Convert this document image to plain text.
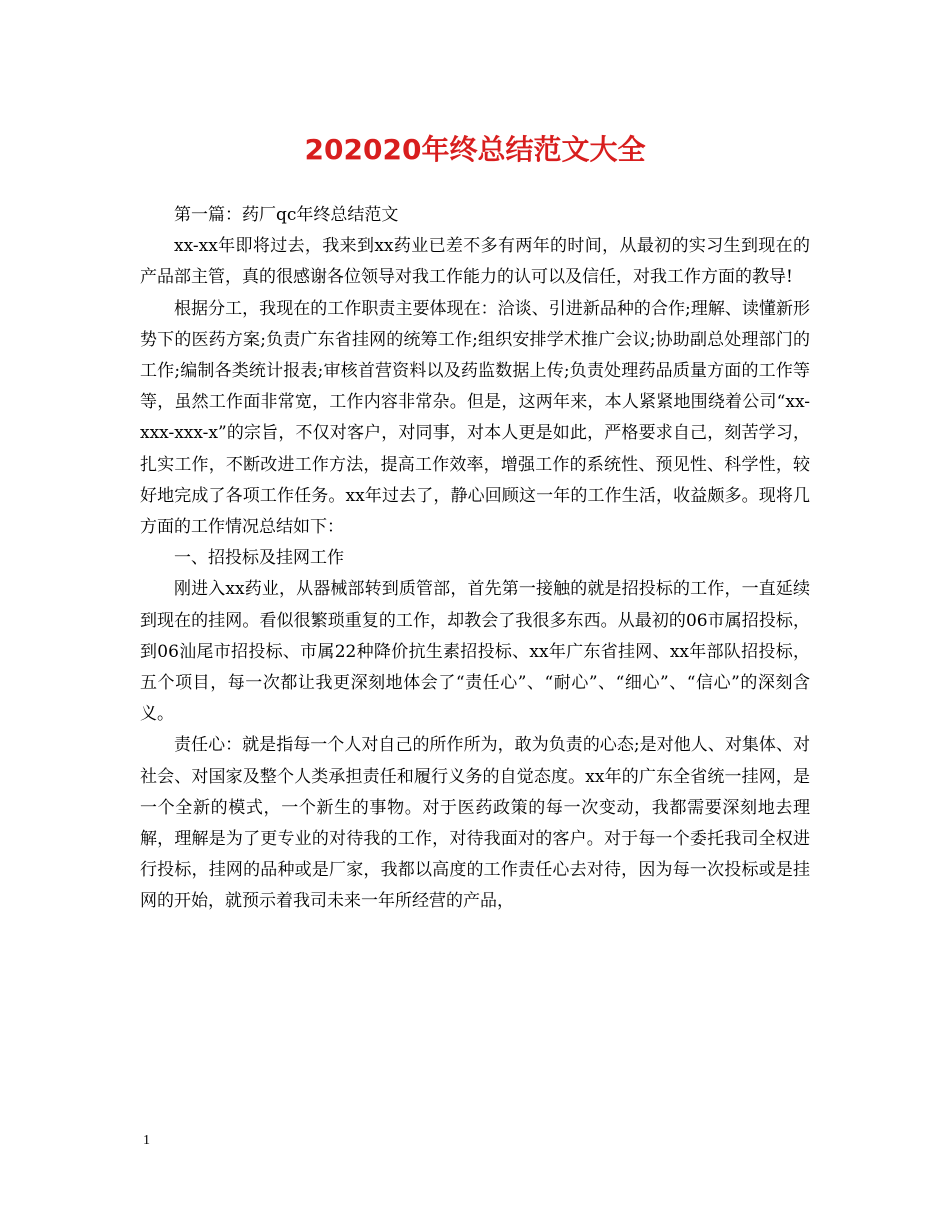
202020年终总结范文大全

第一篇：药厂qc年终总结范文

xx-xx年即将过去，我来到xx药业已差不多有两年的时间，从最初的实习生到现在的产品部主管，真的很感谢各位领导对我工作能力的认可以及信任，对我工作方面的教导!

根据分工，我现在的工作职责主要体现在：洽谈、引进新品种的合作;理解、读懂新形势下的医药方案;负责广东省挂网的统筹工作;组织安排学术推广会议;协助副总处理部门的工作;编制各类统计报表;审核首营资料以及药监数据上传;负责处理药品质量方面的工作等等，虽然工作面非常宽，工作内容非常杂。但是，这两年来，本人紧紧地围绕着公司“xx-xxx-xxx-x”的宗旨，不仅对客户，对同事，对本人更是如此，严格要求自己，刻苦学习，扎实工作，不断改进工作方法，提高工作效率，增强工作的系统性、预见性、科学性，较好地完成了各项工作任务。xx年过去了，静心回顾这一年的工作生活，收益颇多。现将几方面的工作情况总结如下：

一、招投标及挂网工作

刚进入xx药业，从器械部转到质管部，首先第一接触的就是招投标的工作，一直延续到现在的挂网。看似很繁琐重复的工作，却教会了我很多东西。从最初的06市属招投标，到06汕尾市招投标、市属22种降价抗生素招投标、xx年广东省挂网、xx年部队招投标，五个项目，每一次都让我更深刻地体会了“责任心”、“耐心”、“细心”、“信心”的深刻含义。

责任心：就是指每一个人对自己的所作所为，敢为负责的心态;是对他人、对集体、对社会、对国家及整个人类承担责任和履行义务的自觉态度。xx年的广东全省统一挂网，是一个全新的模式，一个新生的事物。对于医药政策的每一次变动，我都需要深刻地去理解，理解是为了更专业的对待我的工作，对待我面对的客户。对于每一个委托我司全权进行投标，挂网的品种或是厂家，我都以高度的工作责任心去对待，因为每一次投标或是挂网的开始，就预示着我司未来一年所经营的产品，

1
